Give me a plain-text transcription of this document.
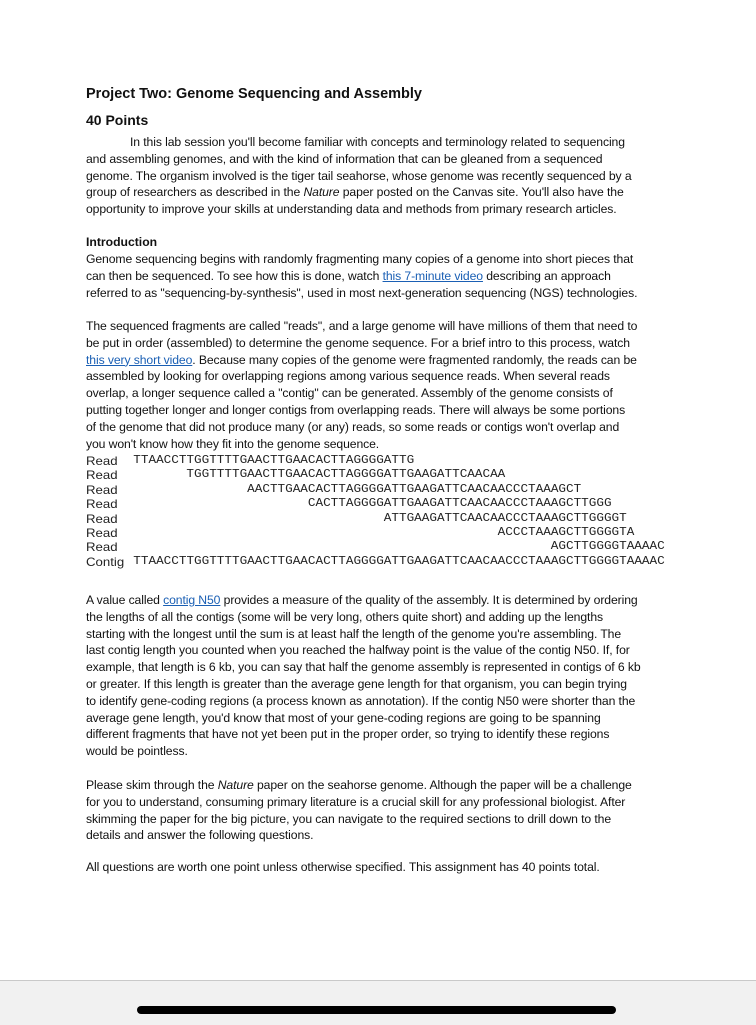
Project Two: Genome Sequencing and Assembly
40 Points
In this lab session you'll become familiar with concepts and terminology related to sequencing
and assembling genomes, and with the kind of information that can be gleaned from a sequenced
genome. The organism involved is the tiger tail seahorse, whose genome was recently sequenced by a
group of researchers as described in the Nature paper posted on the Canvas site. You'll also have the
opportunity to improve your skills at understanding data and methods from primary research articles.
Introduction
Genome sequencing begins with randomly fragmenting many copies of a genome into short pieces that
can then be sequenced. To see how this is done, watch this 7-minute video describing an approach
referred to as "sequencing-by-synthesis", used in most next-generation sequencing (NGS) technologies.
The sequenced fragments are called "reads", and a large genome will have millions of them that need to
be put in order (assembled) to determine the genome sequence. For a brief intro to this process, watch
this very short video. Because many copies of the genome were fragmented randomly, the reads can be
assembled by looking for overlapping regions among various sequence reads. When several reads
overlap, a longer sequence called a "contig" can be generated. Assembly of the genome consists of
putting together longer and longer contigs from overlapping reads. There will always be some portions
of the genome that did not produce many (or any) reads, so some reads or contigs won't overlap and
you won't know how they fit into the genome sequence.
Read	TTAACCTTGGTTTTGAACTTGAACACTTAGGGGATTG
Read	TGGTTTTGAACTTGAACACTTAGGGGATTGAAGATTCAACAA
Read	AACTTGAACACTTAGGGGATTGAAGATTCAACAACCCTAAAGCT
Read	CACTTAGGGGATTGAAGATTCAACAACCCTAAAGCTTGGG
Read	ATTGAAGATTCAACAACCCTAAAGCTTGGGGT
Read	ACCCTAAAGCTTGGGGTA
Read	AGCTTGGGGTAAAAC
Contig TTAACCTTGGTTTTGAACTTGAACACTTAGGGGATTGAAGATTCAACAACCCTAAAGCTTGGGGTAAAAC
A value called contig N50 provides a measure of the quality of the assembly. It is determined by ordering
the lengths of all the contigs (some will be very long, others quite short) and adding up the lengths
starting with the longest until the sum is at least half the length of the genome you're assembling. The
last contig length you counted when you reached the halfway point is the value of the contig N50. If, for
example, that length is 6 kb, you can say that half the genome assembly is represented in contigs of 6 kb
or greater. If this length is greater than the average gene length for that organism, you can begin trying
to identify gene-coding regions (a process known as annotation). If the contig N50 were shorter than the
average gene length, you'd know that most of your gene-coding regions are going to be spanning
different fragments that have not yet been put in the proper order, so trying to identify these regions
would be pointless.
Please skim through the Nature paper on the seahorse genome. Although the paper will be a challenge
for you to understand, consuming primary literature is a crucial skill for any professional biologist. After
skimming the paper for the big picture, you can navigate to the required sections to drill down to the
details and answer the following questions.
All questions are worth one point unless otherwise specified. This assignment has 40 points total.
